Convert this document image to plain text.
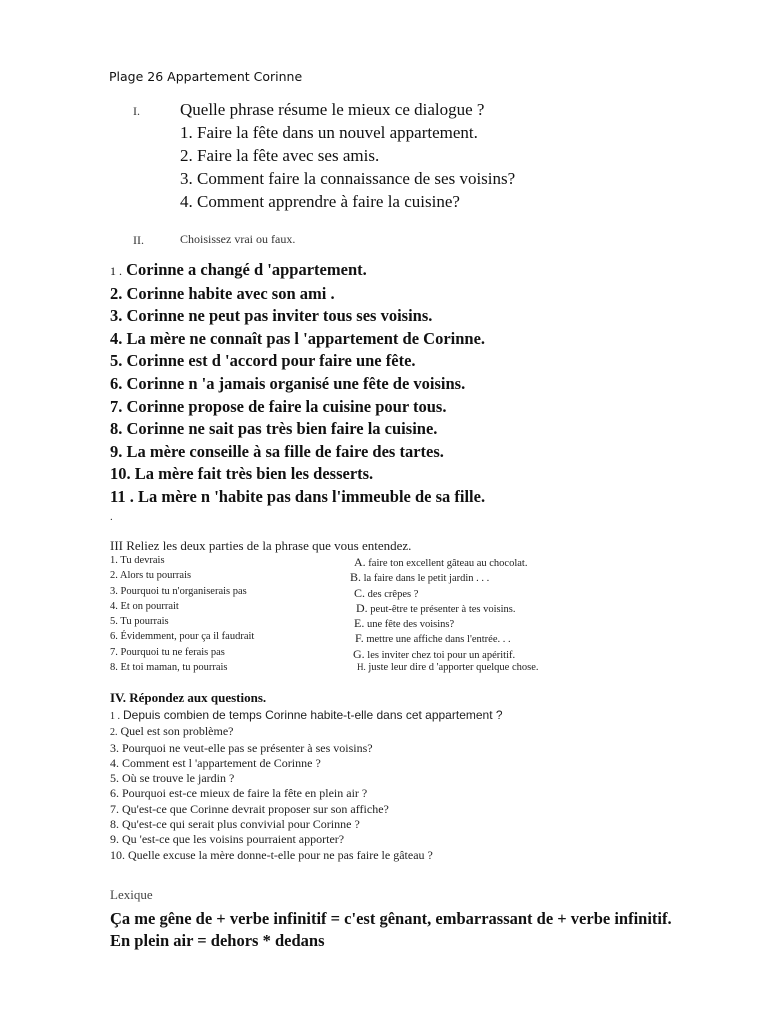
Plage 26 Appartement Corinne
I. Quelle phrase résume le mieux ce dialogue ?
1. Faire la fête dans un nouvel appartement.
2. Faire la fête avec ses amis.
3. Comment faire la connaissance de ses voisins?
4. Comment apprendre à faire la cuisine?
II.	Choisissez vrai ou faux.
1 . Corinne a changé d 'appartement.
2. Corinne habite avec son ami .
3. Corinne ne peut pas inviter tous ses voisins.
4. La mère ne connaît pas l 'appartement de Corinne.
5. Corinne est d 'accord pour faire une fête.
6. Corinne n 'a jamais organisé une fête de voisins.
7. Corinne propose de faire la cuisine pour tous.
8. Corinne ne sait pas très bien faire la cuisine.
9. La mère conseille à sa fille de faire des tartes.
10. La mère fait très bien les desserts.
11 . La mère n 'habite pas dans l'immeuble de sa fille.
.
III Reliez les deux parties de la phrase que vous entendez.
1. Tu devrais	A. faire ton excellent gâteau au chocolat.
2. Alors tu pourrais	B. la faire dans le petit jardin . . .
3. Pourquoi tu n'organiserais pas	C. des crêpes ?
4. Et on pourrait	D. peut-être te présenter à tes voisins.
5. Tu pourrais	E. une fête des voisins?
6. Évidemment, pour ça il faudrait	F. mettre une affiche dans l'entrée. . .
7. Pourquoi tu ne ferais pas	G. les inviter chez toi pour un apéritif.
8. Et toi maman, tu pourrais	H. juste leur dire d 'apporter quelque chose.
IV. Répondez aux questions.
1 . Depuis combien de temps Corinne habite-t-elle dans cet appartement ?
2. Quel est son problème?
3. Pourquoi ne veut-elle pas se présenter à ses voisins?
4. Comment est l 'appartement de Corinne ?
5. Où se trouve le jardin ?
6. Pourquoi est-ce mieux de faire la fête en plein air ?
7. Qu'est-ce que Corinne devrait proposer sur son affiche?
8. Qu'est-ce qui serait plus convivial pour Corinne ?
9. Qu 'est-ce que les voisins pourraient apporter?
10. Quelle excuse la mère donne-t-elle pour ne pas faire le gâteau ?
Lexique
Ça me gêne de + verbe infinitif = c'est gênant, embarrassant de + verbe infinitif.
En plein air = dehors * dedans
